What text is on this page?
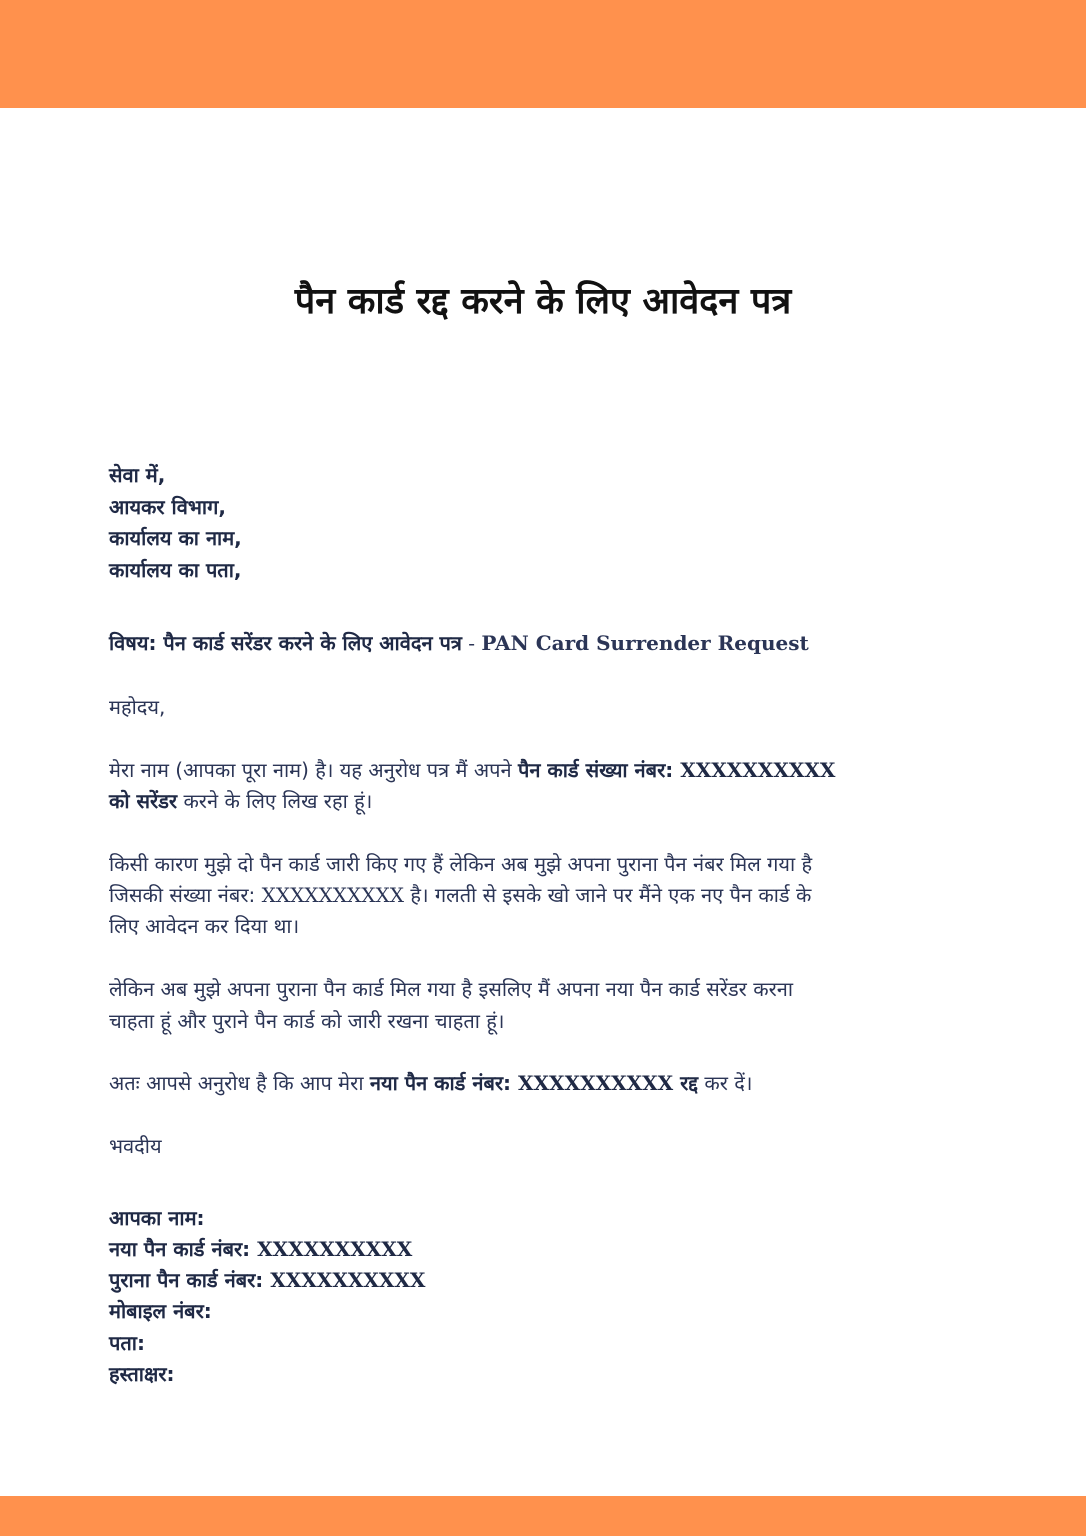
पैन कार्ड रद्द करने के लिए आवेदन पत्र
सेवा में,
आयकर विभाग,
कार्यालय का नाम,
कार्यालय का पता,
विषय: पैन कार्ड सरेंडर करने के लिए आवेदन पत्र - PAN Card Surrender Request
महोदय,
मेरा नाम (आपका पूरा नाम) है। यह अनुरोध पत्र मैं अपने पैन कार्ड संख्या नंबर: XXXXXXXXXX
को सरेंडर करने के लिए लिख रहा हूं।
किसी कारण मुझे दो पैन कार्ड जारी किए गए हैं लेकिन अब मुझे अपना पुराना पैन नंबर मिल गया है
जिसकी संख्या नंबर: XXXXXXXXXX है। गलती से इसके खो जाने पर मैंने एक नए पैन कार्ड के
लिए आवेदन कर दिया था।
लेकिन अब मुझे अपना पुराना पैन कार्ड मिल गया है इसलिए मैं अपना नया पैन कार्ड सरेंडर करना
चाहता हूं और पुराने पैन कार्ड को जारी रखना चाहता हूं।
अतः आपसे अनुरोध है कि आप मेरा नया पैन कार्ड नंबर: XXXXXXXXXX रद्द कर दें।
भवदीय
आपका नाम:
नया पैन कार्ड नंबर: XXXXXXXXXX
पुराना पैन कार्ड नंबर: XXXXXXXXXX
मोबाइल नंबर:
पता:
हस्ताक्षर:
